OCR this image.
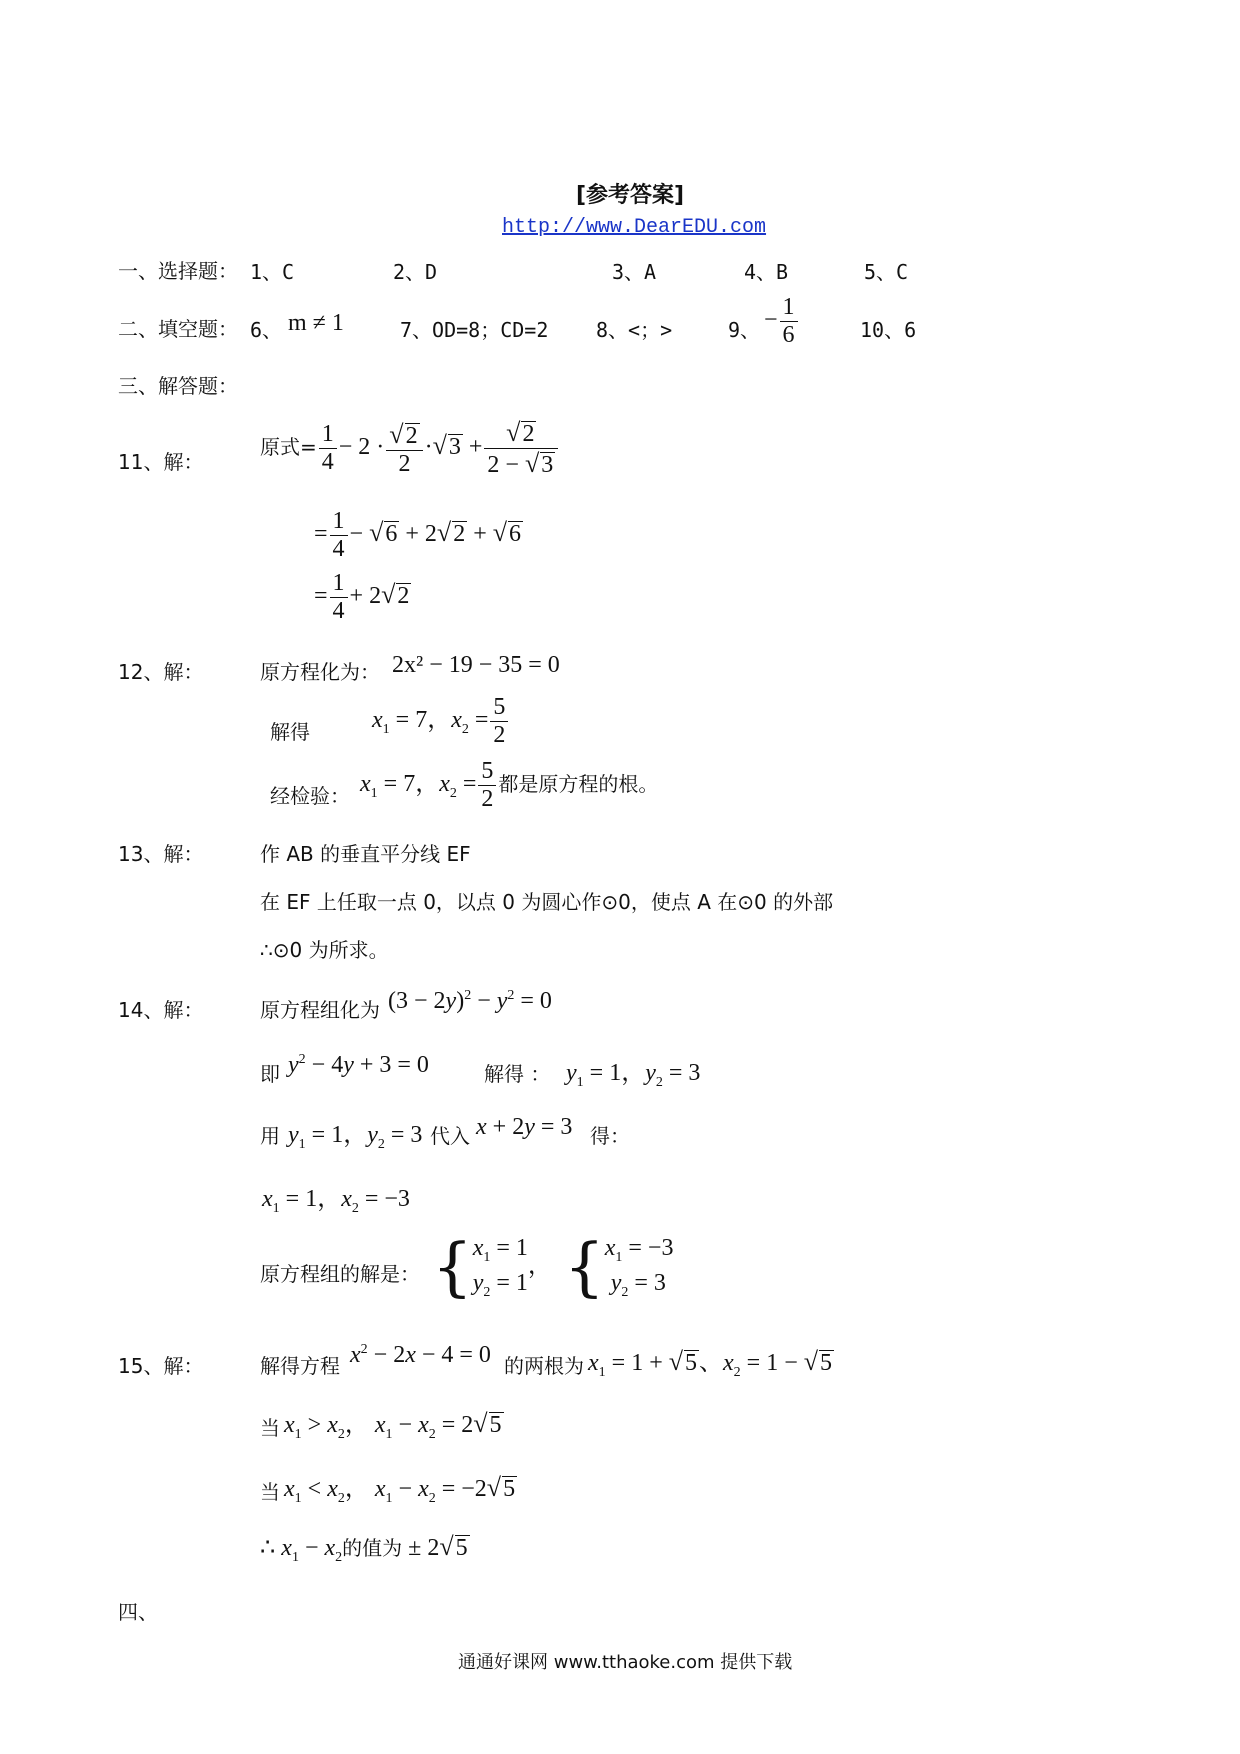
[参考答案]
http://www.DearEDU.com
一、选择题： 1、C	2、D	3、A	4、B	5、C
二、填空题： 6、 m ≠ 1	7、OD=8；CD=2 8、<；>	9、 − $\frac{1}{6}$	10、6
三、解答题：
11、解：
原式= $\frac{1}{4} - 2 \cdot \frac{√2}{2} \cdot√3 + \frac{√2}{2 - √3}$
= $\frac{1}{4} - √6 + 2√2 + √6$
= $\frac{1}{4} + 2√2$
12、解：	原方程化为： 2x² − 19 − 35 = 0
解得	$x_1 = 7$，$x_2 = \frac{5}{2}$
经检验： $x_1 = 7$，$x_2 = \frac{5}{2}$ 都是原方程的根。
13、解：	作 AB 的垂直平分线 EF
在 EF 上任取一点 0，以点 0 为圆心作⊙0，使点 A 在⊙0 的外部
∴⊙0 为所求。
14、解：	原方程组化为 $(3 - 2y)^2 - y^2 = 0$
即 $y^2 - 4y + 3 = 0$	解得 ： $y_1 = 1$，$y_2 = 3$
用 $y_1 = 1$，$y_2 = 3$ 代入 x + 2y = 3 得：
$x_1 = 1$，$x_2 = -3$
原方程组的解是： {$x_1 = 1$
$y_2 = 1$， {$x_1 = -3$
$y_2 = 3$
15、解：	解得方程 $x^2 - 2x - 4 = 0$ 的两根为 $x_1 = 1 + √5$、$x_2 = 1 - √5$
当 $x_1 > x_2$， $x_1 - x_2 = 2√5$
当 $x_1 < x_2$， $x_1 - x_2 = -2√5$
∴ $x_1 - x_2$的值为 ± 2√5
四、
通通好课网 www.tthaoke.com 提供下载
